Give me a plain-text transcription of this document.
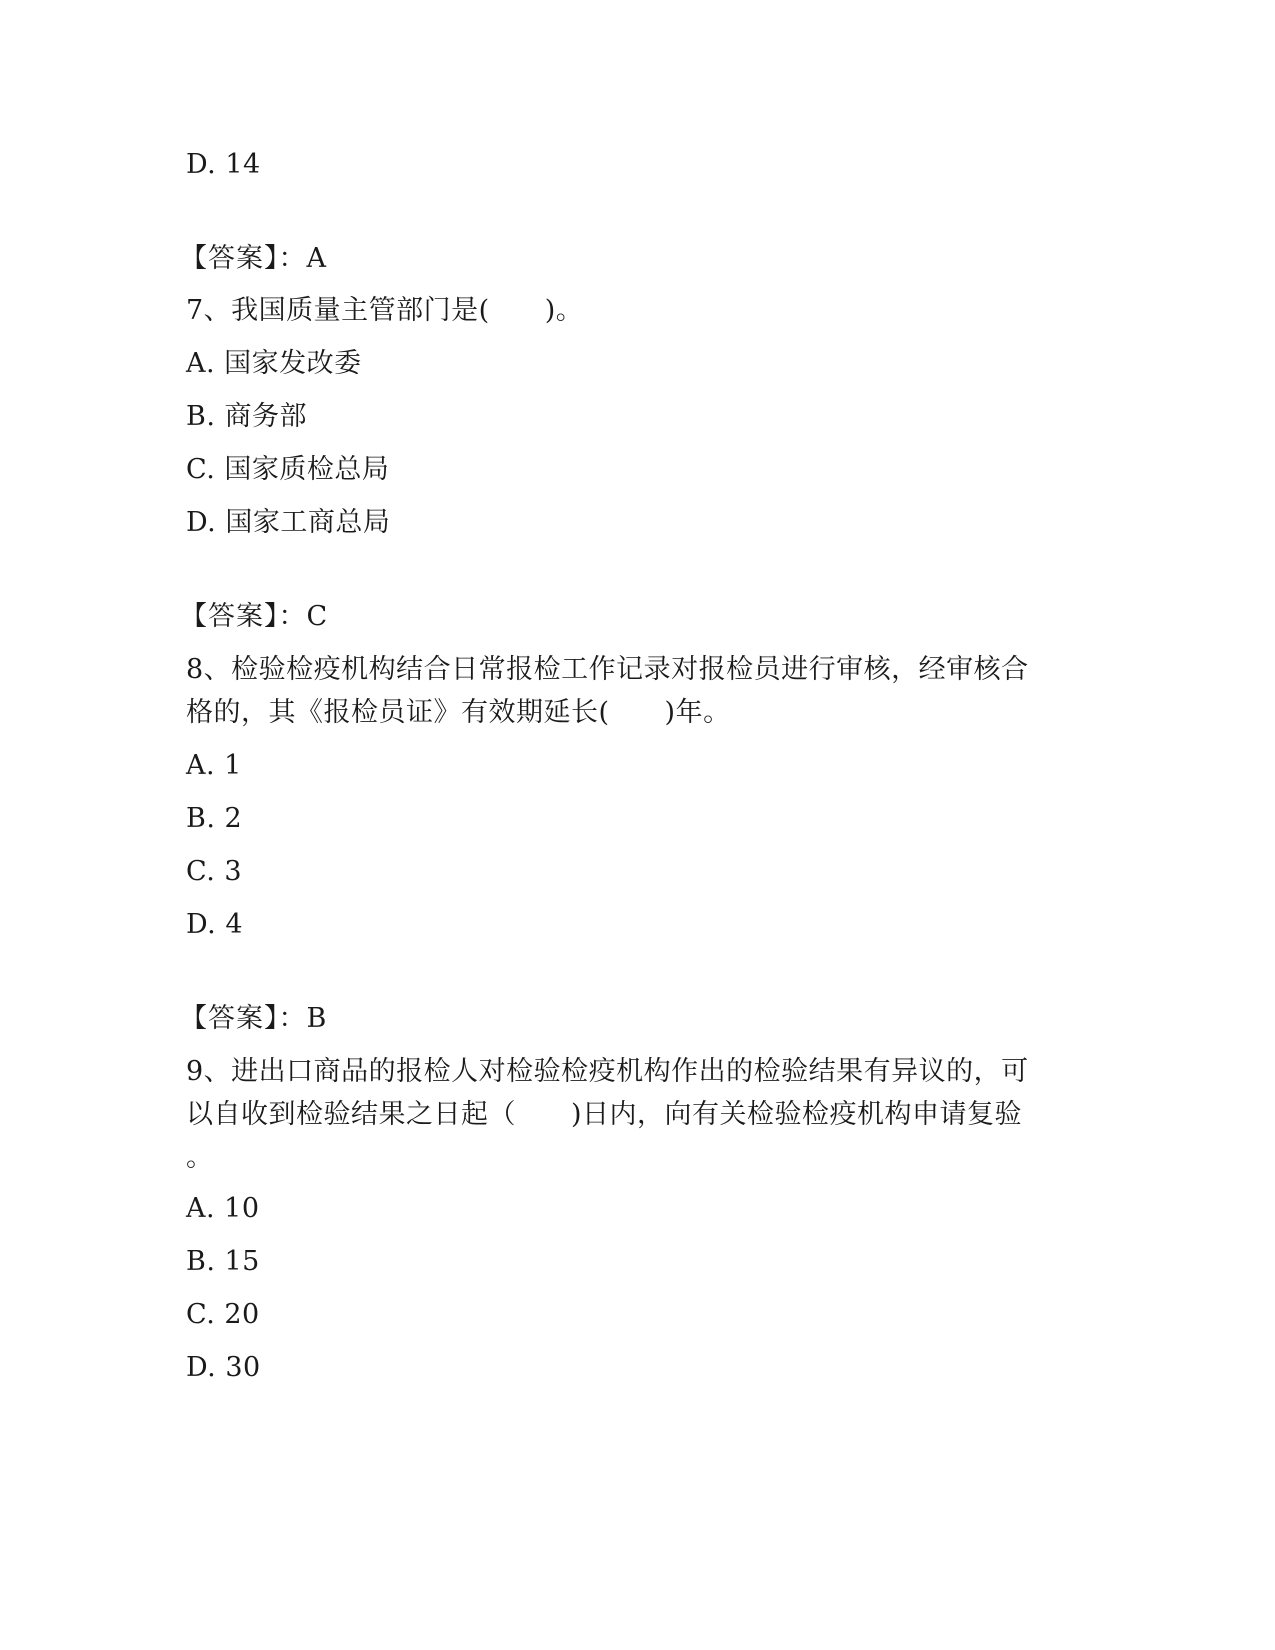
D. 14
【答案】：A
7、我国质量主管部门是(　　)。
A. 国家发改委
B. 商务部
C. 国家质检总局
D. 国家工商总局
【答案】：C
8、检验检疫机构结合日常报检工作记录对报检员进行审核，经审核合
格的，其《报检员证》有效期延长(　　)年。
A. 1
B. 2
C. 3
D. 4
【答案】：B
9、进出口商品的报检人对检验检疫机构作出的检验结果有异议的，可
以自收到检验结果之日起（　　)日内，向有关检验检疫机构申请复验
。
A. 10
B. 15
C. 20
D. 30
